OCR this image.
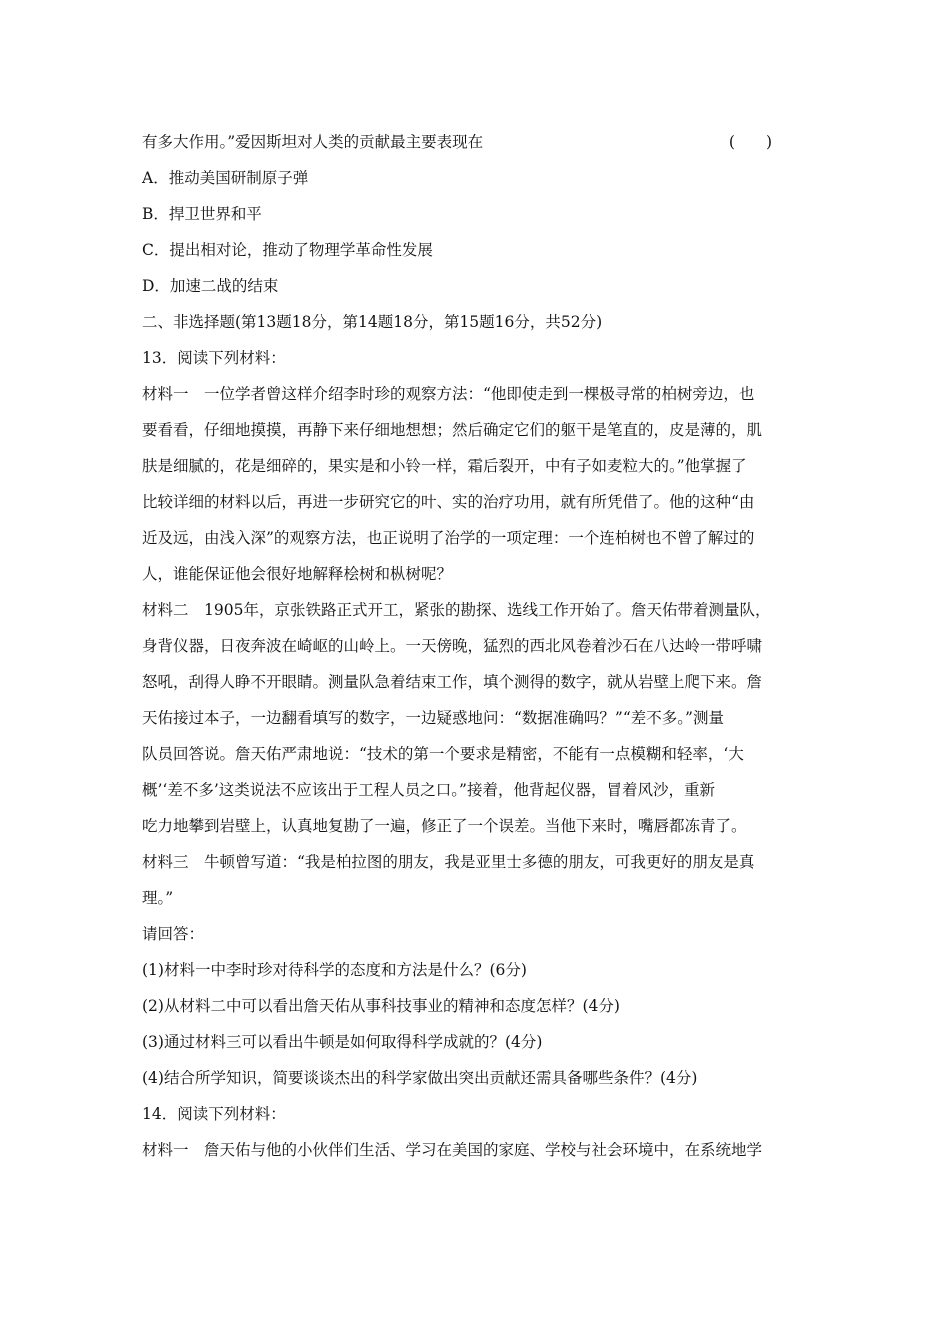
有多大作用。”爱因斯坦对人类的贡献最主要表现在	(　　)
A．推动美国研制原子弹
B．捍卫世界和平
C．提出相对论，推动了物理学革命性发展
D．加速二战的结束
二、非选择题(第13题18分，第14题18分，第15题16分，共52分)
13．阅读下列材料：
材料一　一位学者曾这样介绍李时珍的观察方法：“他即使走到一棵极寻常的柏树旁边，也
要看看，仔细地摸摸，再静下来仔细地想想；然后确定它们的躯干是笔直的，皮是薄的，肌
肤是细腻的，花是细碎的，果实是和小铃一样，霜后裂开，中有子如麦粒大的。”他掌握了
比较详细的材料以后，再进一步研究它的叶、实的治疗功用，就有所凭借了。他的这种“由
近及远，由浅入深”的观察方法，也正说明了治学的一项定理：一个连柏树也不曾了解过的
人，谁能保证他会很好地解释桧树和枞树呢？
材料二　1905年，京张铁路正式开工，紧张的勘探、选线工作开始了。詹天佑带着测量队，
身背仪器，日夜奔波在崎岖的山岭上。一天傍晚，猛烈的西北风卷着沙石在八达岭一带呼啸
怒吼，刮得人睁不开眼睛。测量队急着结束工作，填个测得的数字，就从岩壁上爬下来。詹
天佑接过本子，一边翻看填写的数字，一边疑惑地问：“数据准确吗？”“差不多。”测量
队员回答说。詹天佑严肃地说：“技术的第一个要求是精密，不能有一点模糊和轻率，‘大
概’‘差不多’这类说法不应该出于工程人员之口。”接着，他背起仪器，冒着风沙，重新
吃力地攀到岩壁上，认真地复勘了一遍，修正了一个误差。当他下来时，嘴唇都冻青了。
材料三　牛顿曾写道：“我是柏拉图的朋友，我是亚里士多德的朋友，可我更好的朋友是真
理。”
请回答：
(1)材料一中李时珍对待科学的态度和方法是什么？(6分)
(2)从材料二中可以看出詹天佑从事科技事业的精神和态度怎样？(4分)
(3)通过材料三可以看出牛顿是如何取得科学成就的？(4分)
(4)结合所学知识，简要谈谈杰出的科学家做出突出贡献还需具备哪些条件？(4分)
14．阅读下列材料：
材料一　詹天佑与他的小伙伴们生活、学习在美国的家庭、学校与社会环境中，在系统地学
